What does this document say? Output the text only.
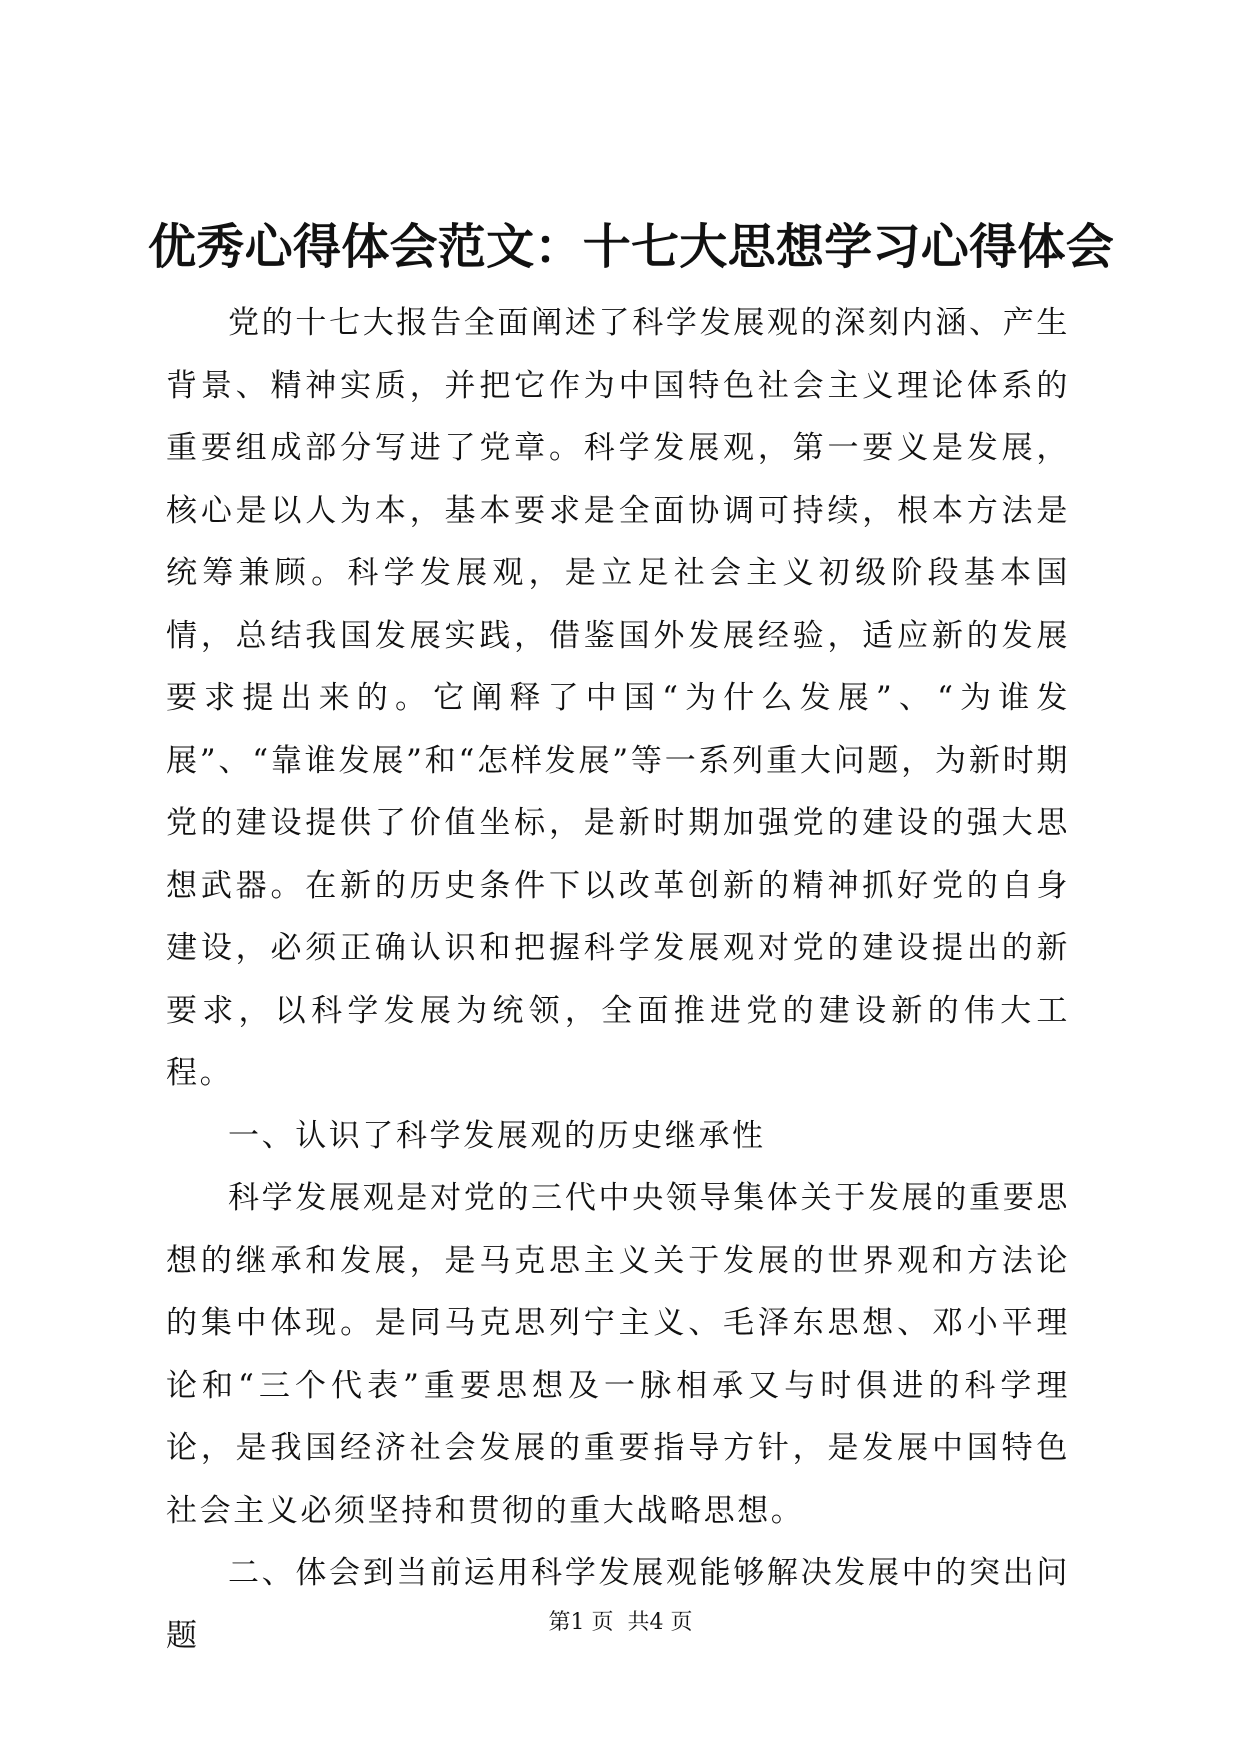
优秀心得体会范文：十七大思想学习心得体会

党的十七大报告全面阐述了科学发展观的深刻内涵、产生背景、精神实质，并把它作为中国特色社会主义理论体系的重要组成部分写进了党章。科学发展观，第一要义是发展，核心是以人为本，基本要求是全面协调可持续，根本方法是统筹兼顾。科学发展观，是立足社会主义初级阶段基本国情，总结我国发展实践，借鉴国外发展经验，适应新的发展要求提出来的。它阐释了中国“为什么发展”、“为谁发展”、“靠谁发展”和“怎样发展”等一系列重大问题，为新时期党的建设提供了价值坐标，是新时期加强党的建设的强大思想武器。在新的历史条件下以改革创新的精神抓好党的自身建设，必须正确认识和把握科学发展观对党的建设提出的新要求，以科学发展为统领，全面推进党的建设新的伟大工程。

一、认识了科学发展观的历史继承性

科学发展观是对党的三代中央领导集体关于发展的重要思想的继承和发展，是马克思主义关于发展的世界观和方法论的集中体现。是同马克思列宁主义、毛泽东思想、邓小平理论和“三个代表”重要思想及一脉相承又与时俱进的科学理论，是我国经济社会发展的重要指导方针，是发展中国特色社会主义必须坚持和贯彻的重大战略思想。

二、体会到当前运用科学发展观能够解决发展中的突出问题	第1 页 共4 页
